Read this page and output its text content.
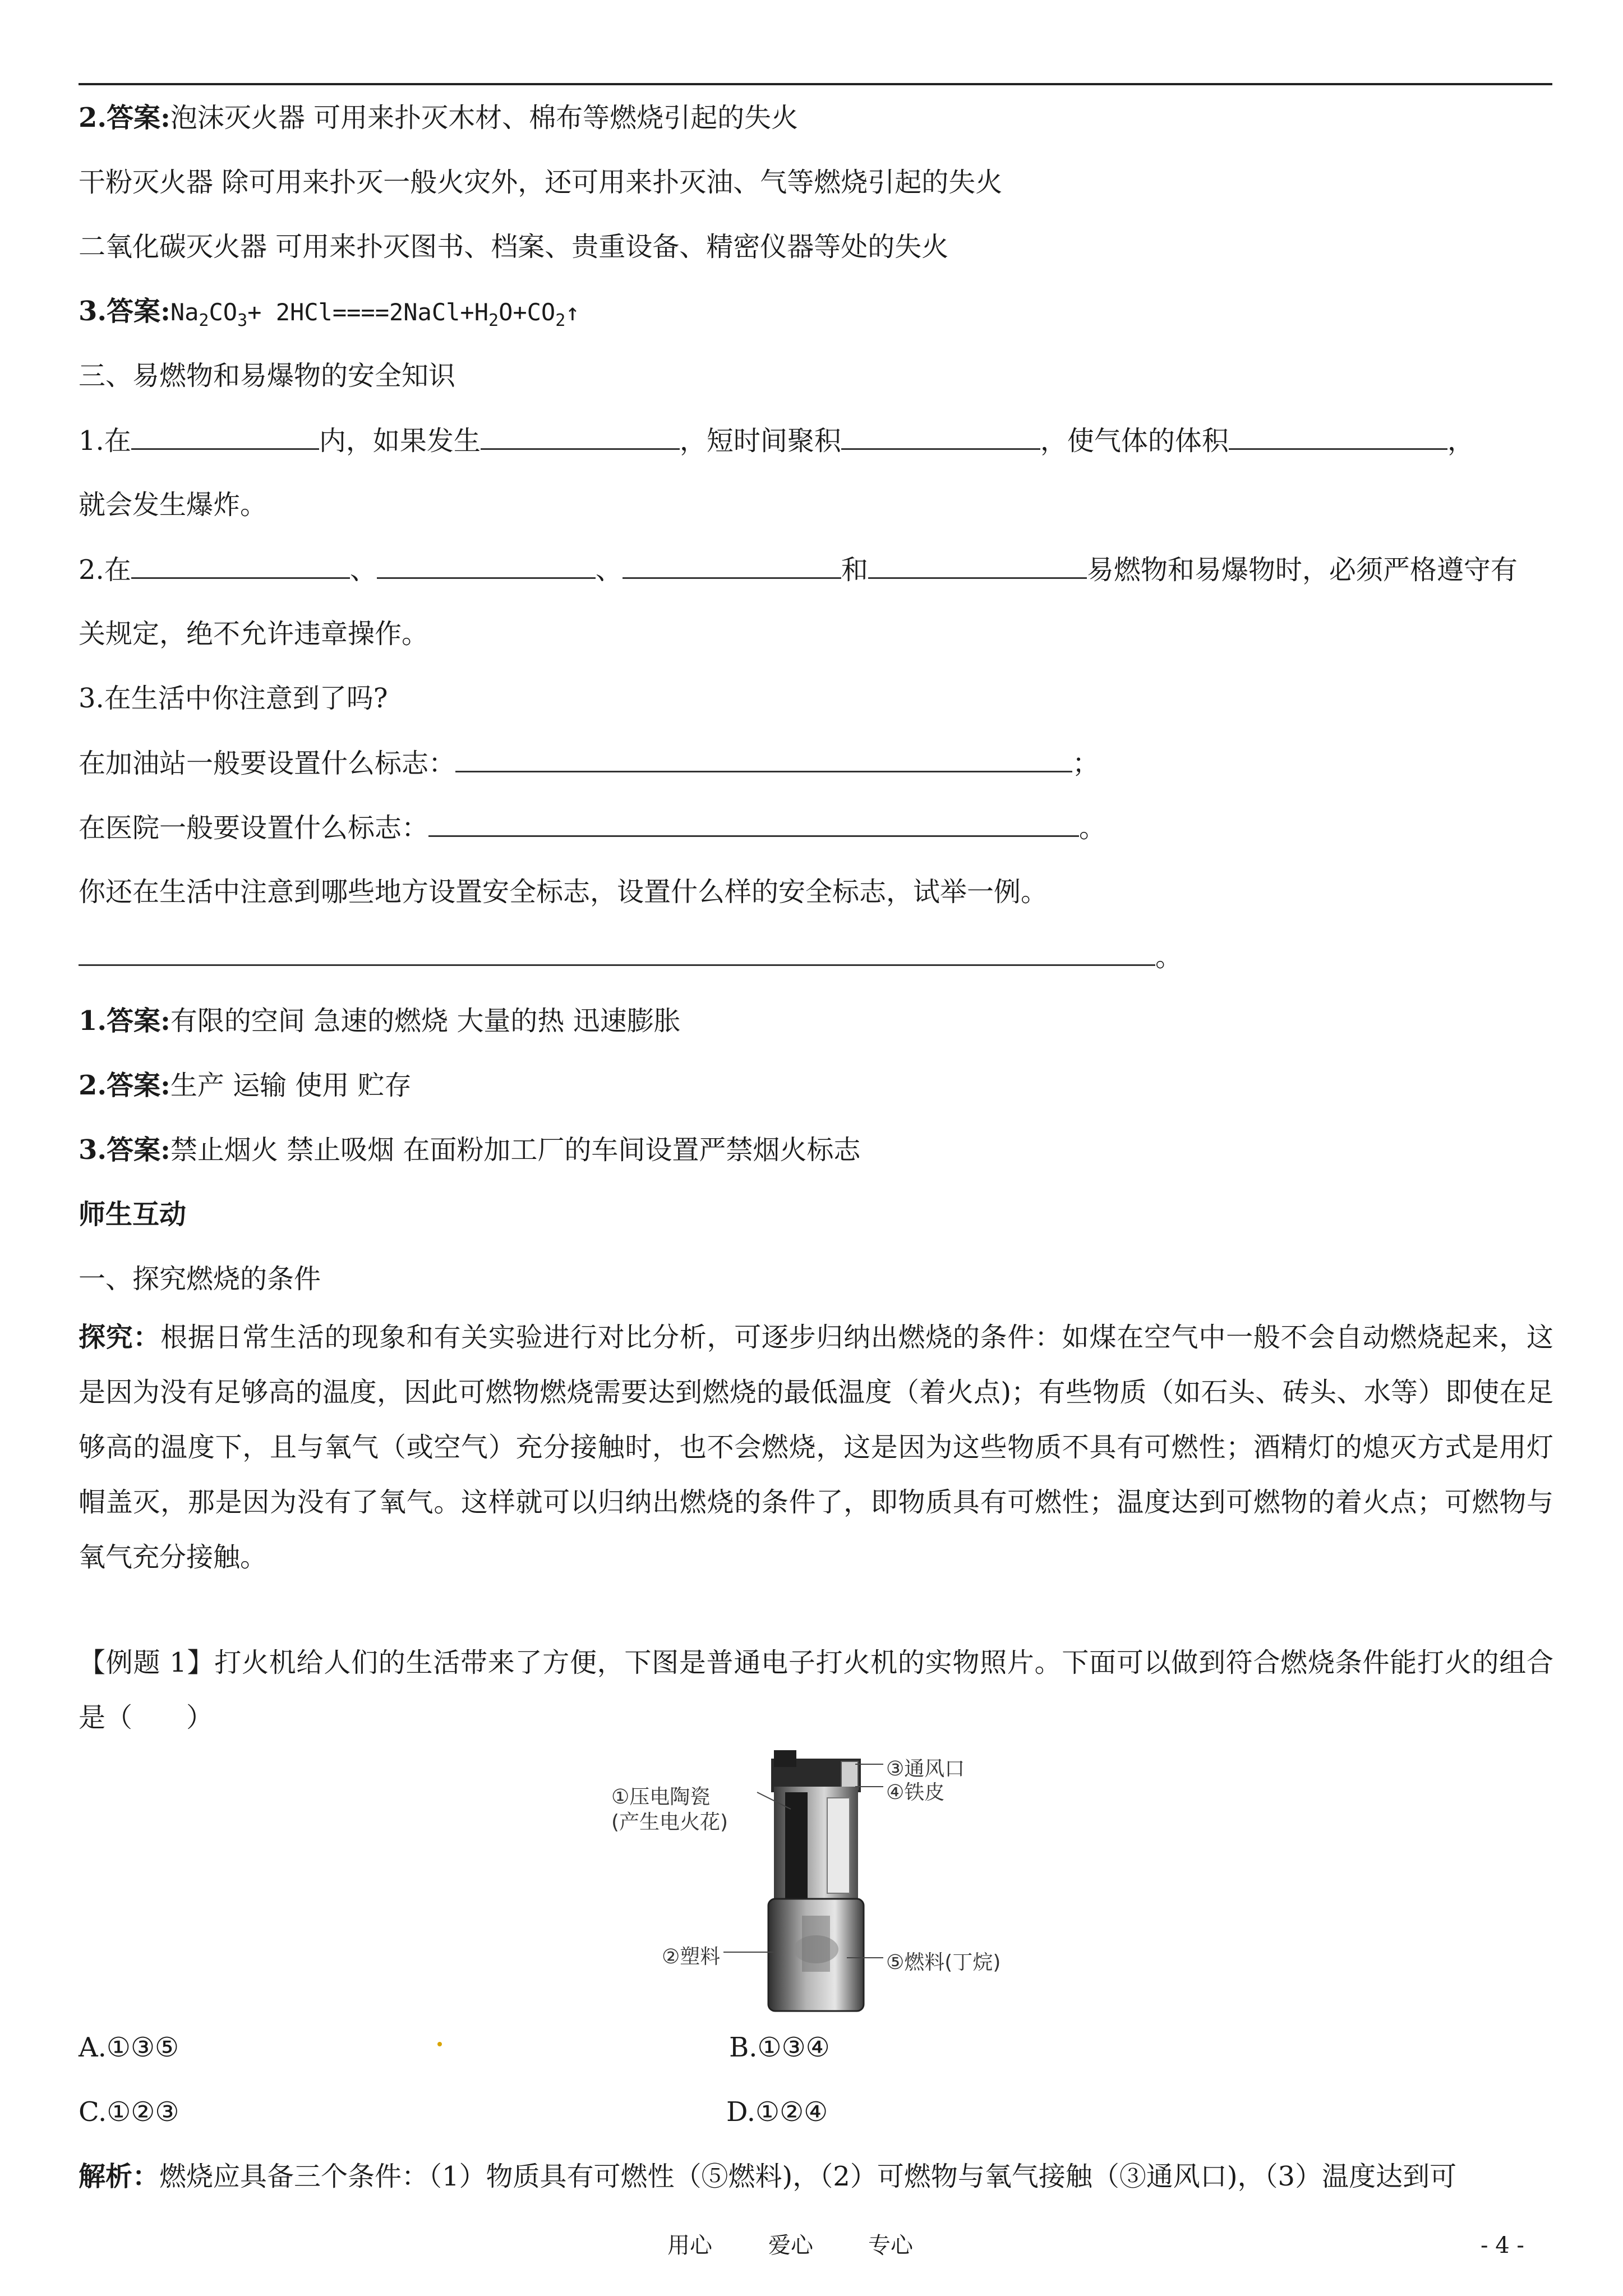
2.答案:泡沫灭火器 可用来扑灭木材、棉布等燃烧引起的失火
干粉灭火器 除可用来扑灭一般火灾外，还可用来扑灭油、气等燃烧引起的失火
二氧化碳灭火器 可用来扑灭图书、档案、贵重设备、精密仪器等处的失火
3.答案$:Na_2CO_3+$ $2HCl====2NaCl+H_2O+CO_2↑$
三、易燃物和易爆物的安全知识
1.在	内，如果发生	，短时间聚积	，使气体的体积	，
就会发生爆炸。
2.在	、	、	和	易燃物和易爆物时，必须严格遵守有
关规定，绝不允许违章操作。
3.在生活中你注意到了吗?
在加油站一般要设置什么标志：	；
在医院一般要设置什么标志：	。
你还在生活中注意到哪些地方设置安全标志，设置什么样的安全标志，试举一例。
。
1.答案:有限的空间 急速的燃烧 大量的热 迅速膨胀
2.答案:生产 运输 使用 贮存
3.答案:禁止烟火 禁止吸烟 在面粉加工厂的车间设置严禁烟火标志
师生互动
一、探究燃烧的条件
探究：根据日常生活的现象和有关实验进行对比分析，可逐步归纳出燃烧的条件：如煤在空气中一般不会自动燃烧起来，这是因为没有足够高的温度，因此可燃物燃烧需要达到燃烧的最低温度（着火点)；有些物质（如石头、砖头、水等）即使在足够高的温度下，且与氧气（或空气）充分接触时，也不会燃烧，这是因为这些物质不具有可燃性；酒精灯的熄灭方式是用灯帽盖灭，那是因为没有了氧气。这样就可以归纳出燃烧的条件了，即物质具有可燃性；温度达到可燃物的着火点；可燃物与氧气充分接触。
【例题 1】打火机给人们的生活带来了方便，下图是普通电子打火机的实物照片。下面可以做到符合燃烧条件能打火的组合是（　　）
①压电陶瓷
(产生电火花)
②塑料
③通风口
④铁皮
⑤燃料(丁烷)
A.①③⑤	B.①③④
C.①②③	D.①②④
解析：燃烧应具备三个条件：（1）物质具有可燃性（⑤燃料)，（2）可燃物与氧气接触（③通风口)，（3）温度达到可
用心	爱心 专心	- 4 -
